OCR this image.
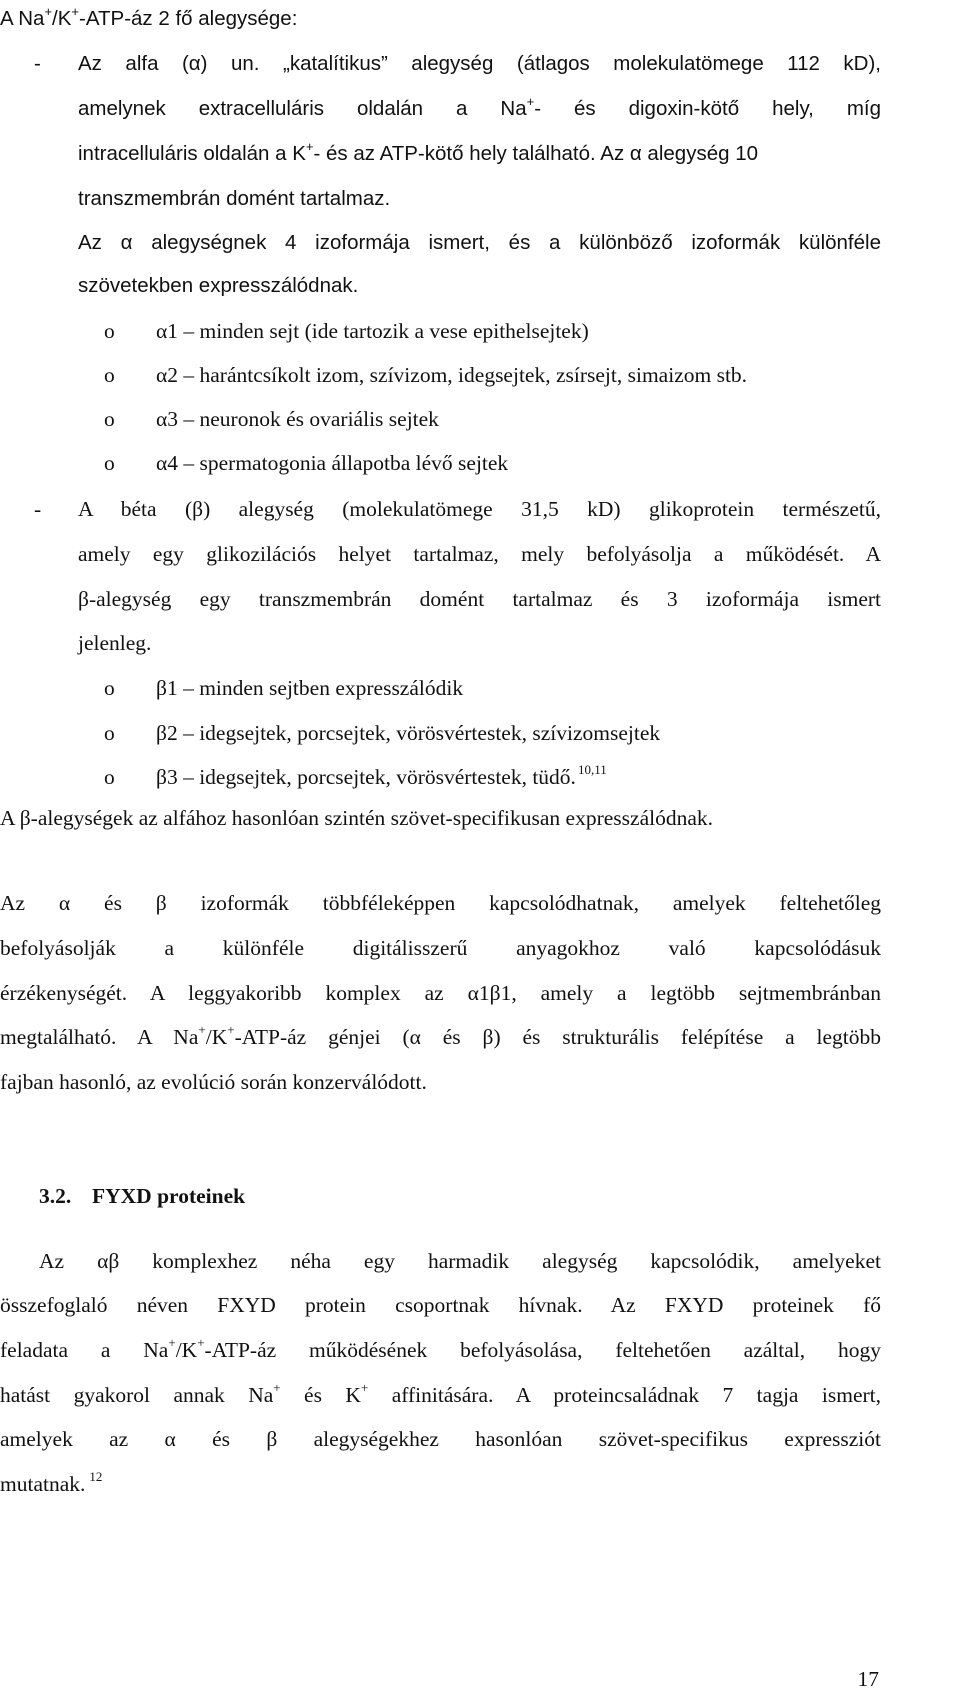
A Na+/K+-ATP-áz 2 fő alegysége:
- Az alfa (α) un. „katalítikus” alegység (átlagos molekulatömege 112 kD),
amelynek extracelluláris oldalán a Na+- és digoxin-kötő hely, míg
intracelluláris oldalán a K+- és az ATP-kötő hely található. Az α alegység 10
transzmembrán domént tartalmaz.
Az α alegységnek 4 izoformája ismert, és a különböző izoformák különféle
szövetekben expresszálódnak.
o α1 – minden sejt (ide tartozik a vese epithelsejtek)
o α2 – harántcsíkolt izom, szívizom, idegsejtek, zsírsejt, simaizom stb.
o α3 – neuronok és ovariális sejtek
o α4 – spermatogonia állapotba lévő sejtek
- A béta (β) alegység (molekulatömege 31,5 kD) glikoprotein természetű,
amely egy glikozilációs helyet tartalmaz, mely befolyásolja a működését. A
β-alegység egy transzmembrán domént tartalmaz és 3 izoformája ismert
jelenleg.
o β1 – minden sejtben expresszálódik
o β2 – idegsejtek, porcsejtek, vörösvértestek, szívizomsejtek
o β3 – idegsejtek, porcsejtek, vörösvértestek, tüdő. $^{10,11}$
A β-alegységek az alfához hasonlóan szintén szövet-specifikusan expresszálódnak.
Az α és β izoformák többféleképpen kapcsolódhatnak, amelyek feltehetőleg
befolyásolják a különféle digitálisszerű anyagokhoz való kapcsolódásuk
érzékenységét. A leggyakoribb komplex az α1β1, amely a legtöbb sejtmembránban
megtalálható. A Na+/K+-ATP-áz génjei (α és β) és strukturális felépítése a legtöbb
fajban hasonló, az evolúció során konzerválódott.
3.2. FYXD proteinek
Az αβ komplexhez néha egy harmadik alegység kapcsolódik, amelyeket
összefoglaló néven FXYD protein csoportnak hívnak. Az FXYD proteinek fő
feladata a Na+/K+-ATP-áz működésének befolyásolása, feltehetően azáltal, hogy
hatást gyakorol annak Na+ és K+ affinitására. A proteincsaládnak 7 tagja ismert,
amelyek az α és β alegységekhez hasonlóan szövet-specifikus expressziót
mutatnak. $^{12}$
17
